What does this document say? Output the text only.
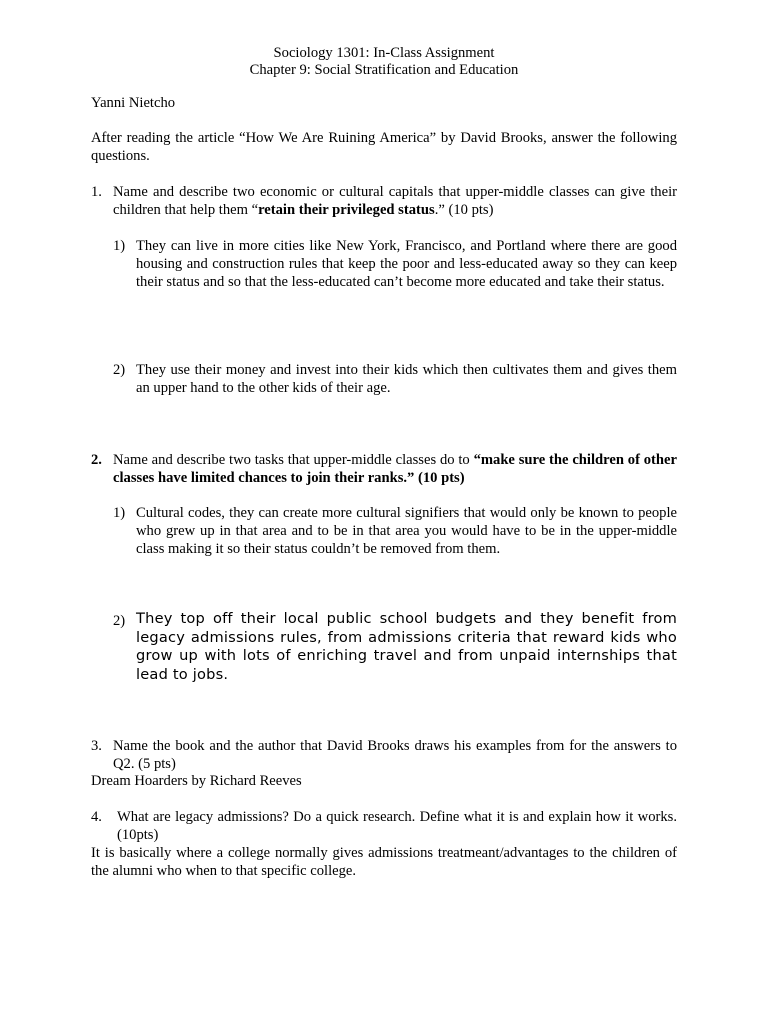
Sociology 1301: In-Class Assignment
Chapter 9: Social Stratification and Education
Yanni Nietcho
After reading the article “How We Are Ruining America” by David Brooks, answer the following questions.
1. Name and describe two economic or cultural capitals that upper-middle classes can give their children that help them “retain their privileged status.” (10 pts)
1) They can live in more cities like New York, Francisco, and Portland where there are good housing and construction rules that keep the poor and less-educated away so they can keep their status and so that the less-educated can’t become more educated and take their status.
2) They use their money and invest into their kids which then cultivates them and gives them an upper hand to the other kids of their age.
2. Name and describe two tasks that upper-middle classes do to “make sure the children of other classes have limited chances to join their ranks.” (10 pts)
1) Cultural codes, they can create more cultural signifiers that would only be known to people who grew up in that area and to be in that area you would have to be in the upper-middle class making it so their status couldn’t be removed from them.
2) They top off their local public school budgets and they benefit from legacy admissions rules, from admissions criteria that reward kids who grow up with lots of enriching travel and from unpaid internships that lead to jobs.
3. Name the book and the author that David Brooks draws his examples from for the answers to Q2. (5 pts)
Dream Hoarders by Richard Reeves
4. What are legacy admissions? Do a quick research. Define what it is and explain how it works. (10pts)
It is basically where a college normally gives admissions treatmeant/advantages to the children of the alumni who when to that specific college.
